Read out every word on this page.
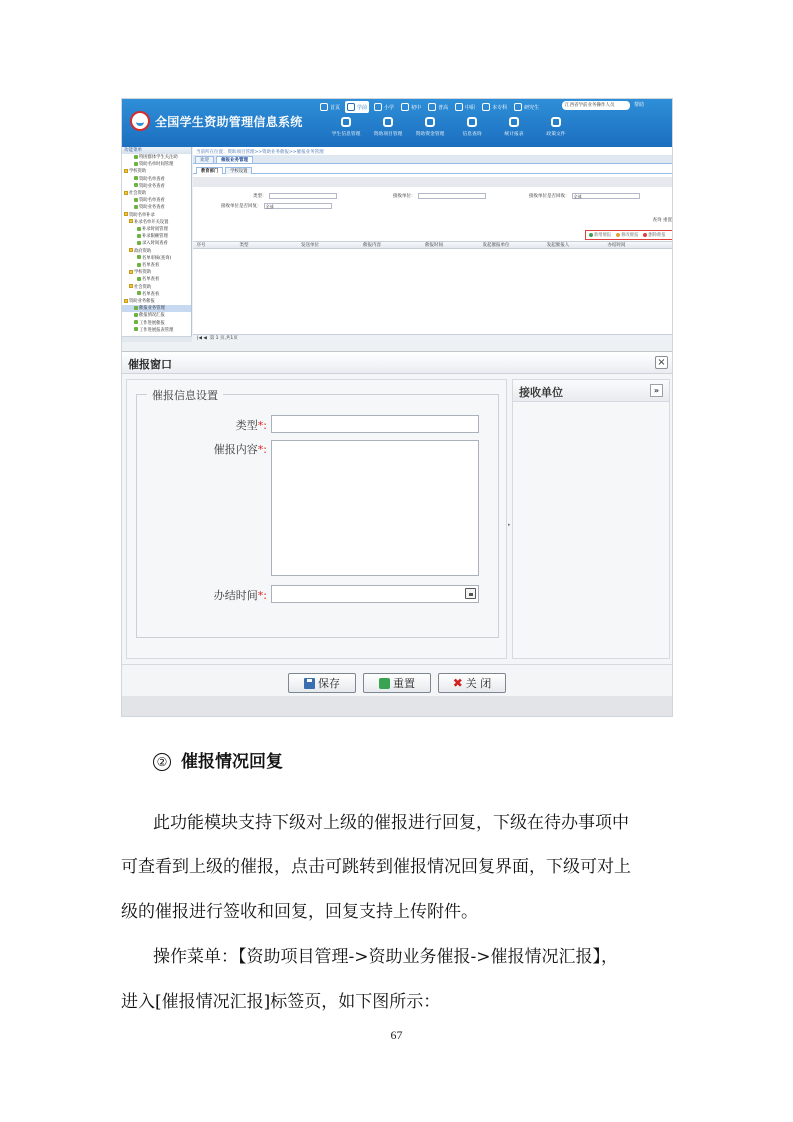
全国学生资助管理信息系统
首页	学前	小学	初中	普高	中职	本专科	研究生	江西省学前业务操作人员	帮助
学生信息管理	资助项目管理	资助资金管理	信息查询	统计报表	政策文件
功能菜单
特困群体学生关注助
资助名单时间管理
学校资助
资助名单查看
资助业务查看
社会资助
资助名单查看
资助业务查看
资助名单补录
补录名单开关设置
补录时间管理
补录限额管理
录入时间查看
政府资助
名单审核(查询)
名单查看
学校资助
名单查看
社会资助
名单查看
资助业务催报
催报业务管理
催报情况汇报
工作进展催报
工作进展报表管理
当前所在位置：资助项目管理>>资助业务催报>>催报业务管理
欢迎	催报业务管理
教育部门	学校设置
类型：	接收单位：	接收单位是否回收：	全部
接收单位是否回复：	全部
查询 重置
新增催报	修改催报	删除催报
序号	类型	发送单位	催报内容	催报时间	发起催报单位	发起催报人	办结时间
|◀ ◀  第 1 页,共1页
催报窗口	×
催报信息设置
类型*:
催报内容*:
办结时间*:
▸
接收单位	»
保存	重置	✖ 关 闭
② 催报情况回复
此功能模块支持下级对上级的催报进行回复，下级在待办事项中
可查看到上级的催报，点击可跳转到催报情况回复界面，下级可对上
级的催报进行签收和回复，回复支持上传附件。
操作菜单：【资助项目管理->资助业务催报->催报情况汇报】，
进入[催报情况汇报]标签页，如下图所示：
67
